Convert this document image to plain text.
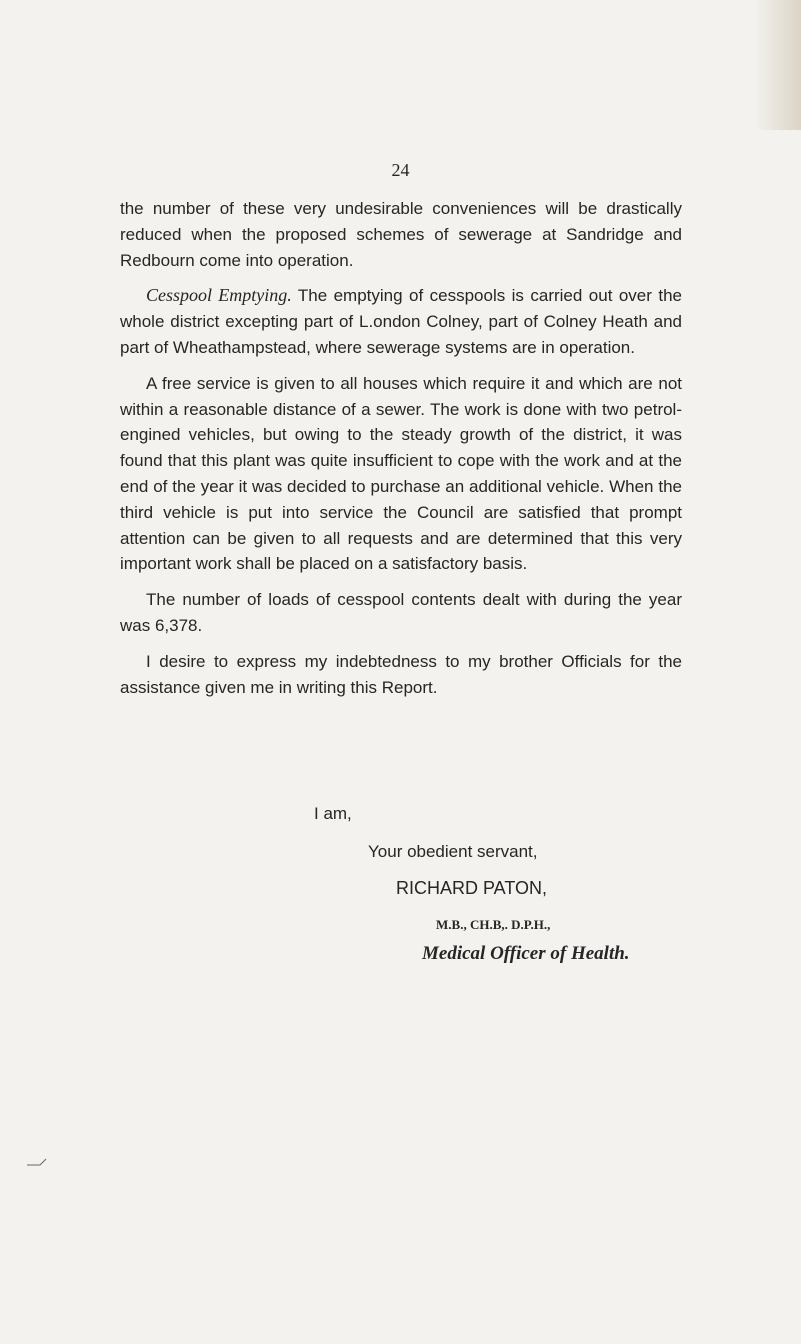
24

the number of these very undesirable conveniences will be drastically reduced when the proposed schemes of sewerage at Sandridge and Redbourn come into operation.

Cesspool Emptying. The emptying of cesspools is carried out over the whole district excepting part of L.ondon Colney, part of Colney Heath and part of Wheathampstead, where sewerage systems are in operation.

A free service is given to all houses which require it and which are not within a reasonable distance of a sewer. The work is done with two petrol-engined vehicles, but owing to the steady growth of the district, it was found that this plant was quite insufficient to cope with the work and at the end of the year it was decided to purchase an additional vehicle. When the third vehicle is put into service the Council are satisfied that prompt attention can be given to all requests and are determined that this very important work shall be placed on a satisfactory basis.

The number of loads of cesspool contents dealt with during the year was 6,378.

I desire to express my indebtedness to my brother Officials for the assistance given me in writing this Report.

I am,
Your obedient servant,
RICHARD PATON,
M.B., CH.B,. D.P.H.,
Medical Officer of Health.
